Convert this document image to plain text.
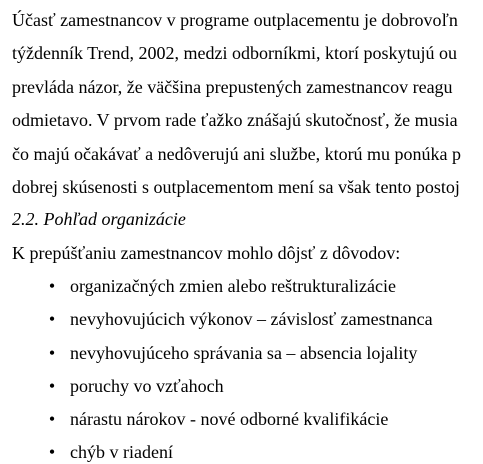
Účasť zamestnancov v programe outplacementu je dobrovoľn
týždenník Trend, 2002, medzi odborníkmi, ktorí poskytujú ou
prevláda názor, že väčšina prepustených zamestnancov reagu
odmietavo. V prvom rade ťažko znášajú skutočnosť, že musia
čo majú očakávať a nedôverujú ani službe, ktorú mu ponúka p
dobrej skúsenosti s outplacementom mení sa však tento postoj
2.2. Pohľad organizácie
K prepúšťaniu zamestnancov mohlo dôjsť z dôvodov:
• organizačných zmien alebo reštrukturalizácie
• nevyhovujúcich výkonov – závislosť zamestnanca
• nevyhovujúceho správania sa – absencia lojality
• poruchy vo vzťahoch
• nárastu nárokov - nové odborné kvalifikácie
• chýb v riadení
